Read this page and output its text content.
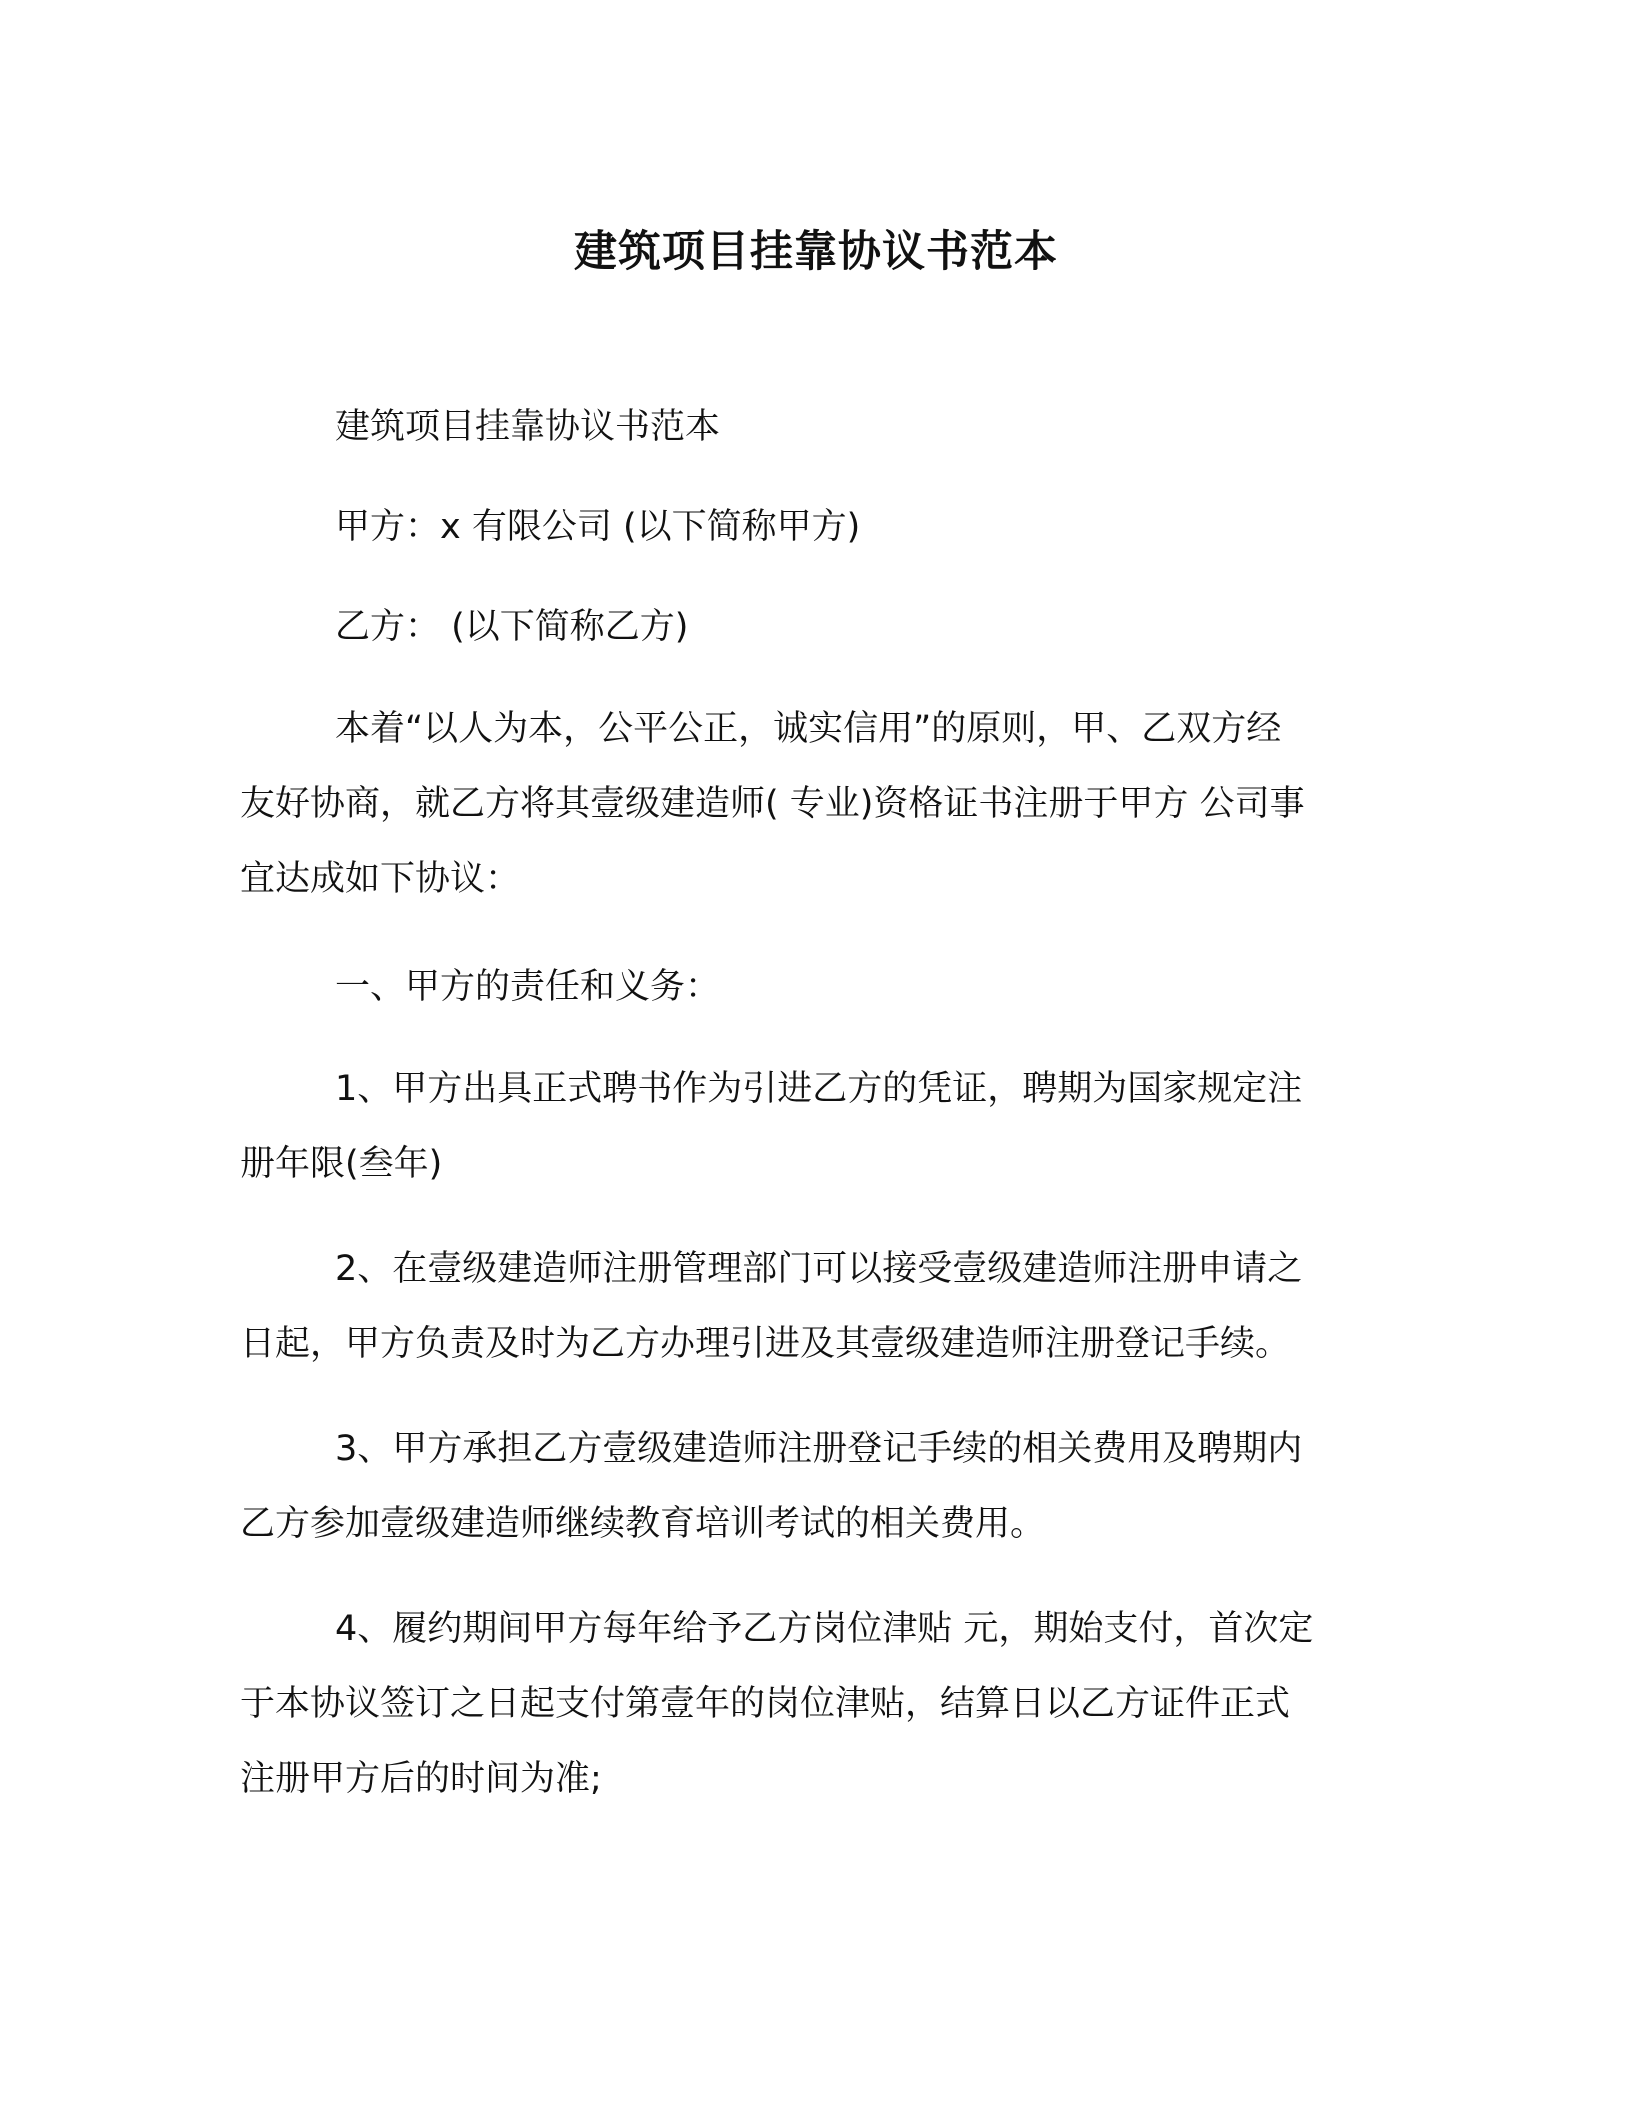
建筑项目挂靠协议书范本
建筑项目挂靠协议书范本
甲方：x 有限公司 (以下简称甲方)
乙方： (以下简称乙方)
本着“以人为本，公平公正，诚实信用”的原则，甲、乙双方经
友好协商，就乙方将其壹级建造师( 专业)资格证书注册于甲方 公司事
宜达成如下协议：
一、甲方的责任和义务：
1、甲方出具正式聘书作为引进乙方的凭证，聘期为国家规定注
册年限(叁年)
2、在壹级建造师注册管理部门可以接受壹级建造师注册申请之
日起，甲方负责及时为乙方办理引进及其壹级建造师注册登记手续。
3、甲方承担乙方壹级建造师注册登记手续的相关费用及聘期内
乙方参加壹级建造师继续教育培训考试的相关费用。
4、履约期间甲方每年给予乙方岗位津贴 元，期始支付，首次定
于本协议签订之日起支付第壹年的岗位津贴，结算日以乙方证件正式
注册甲方后的时间为准;
